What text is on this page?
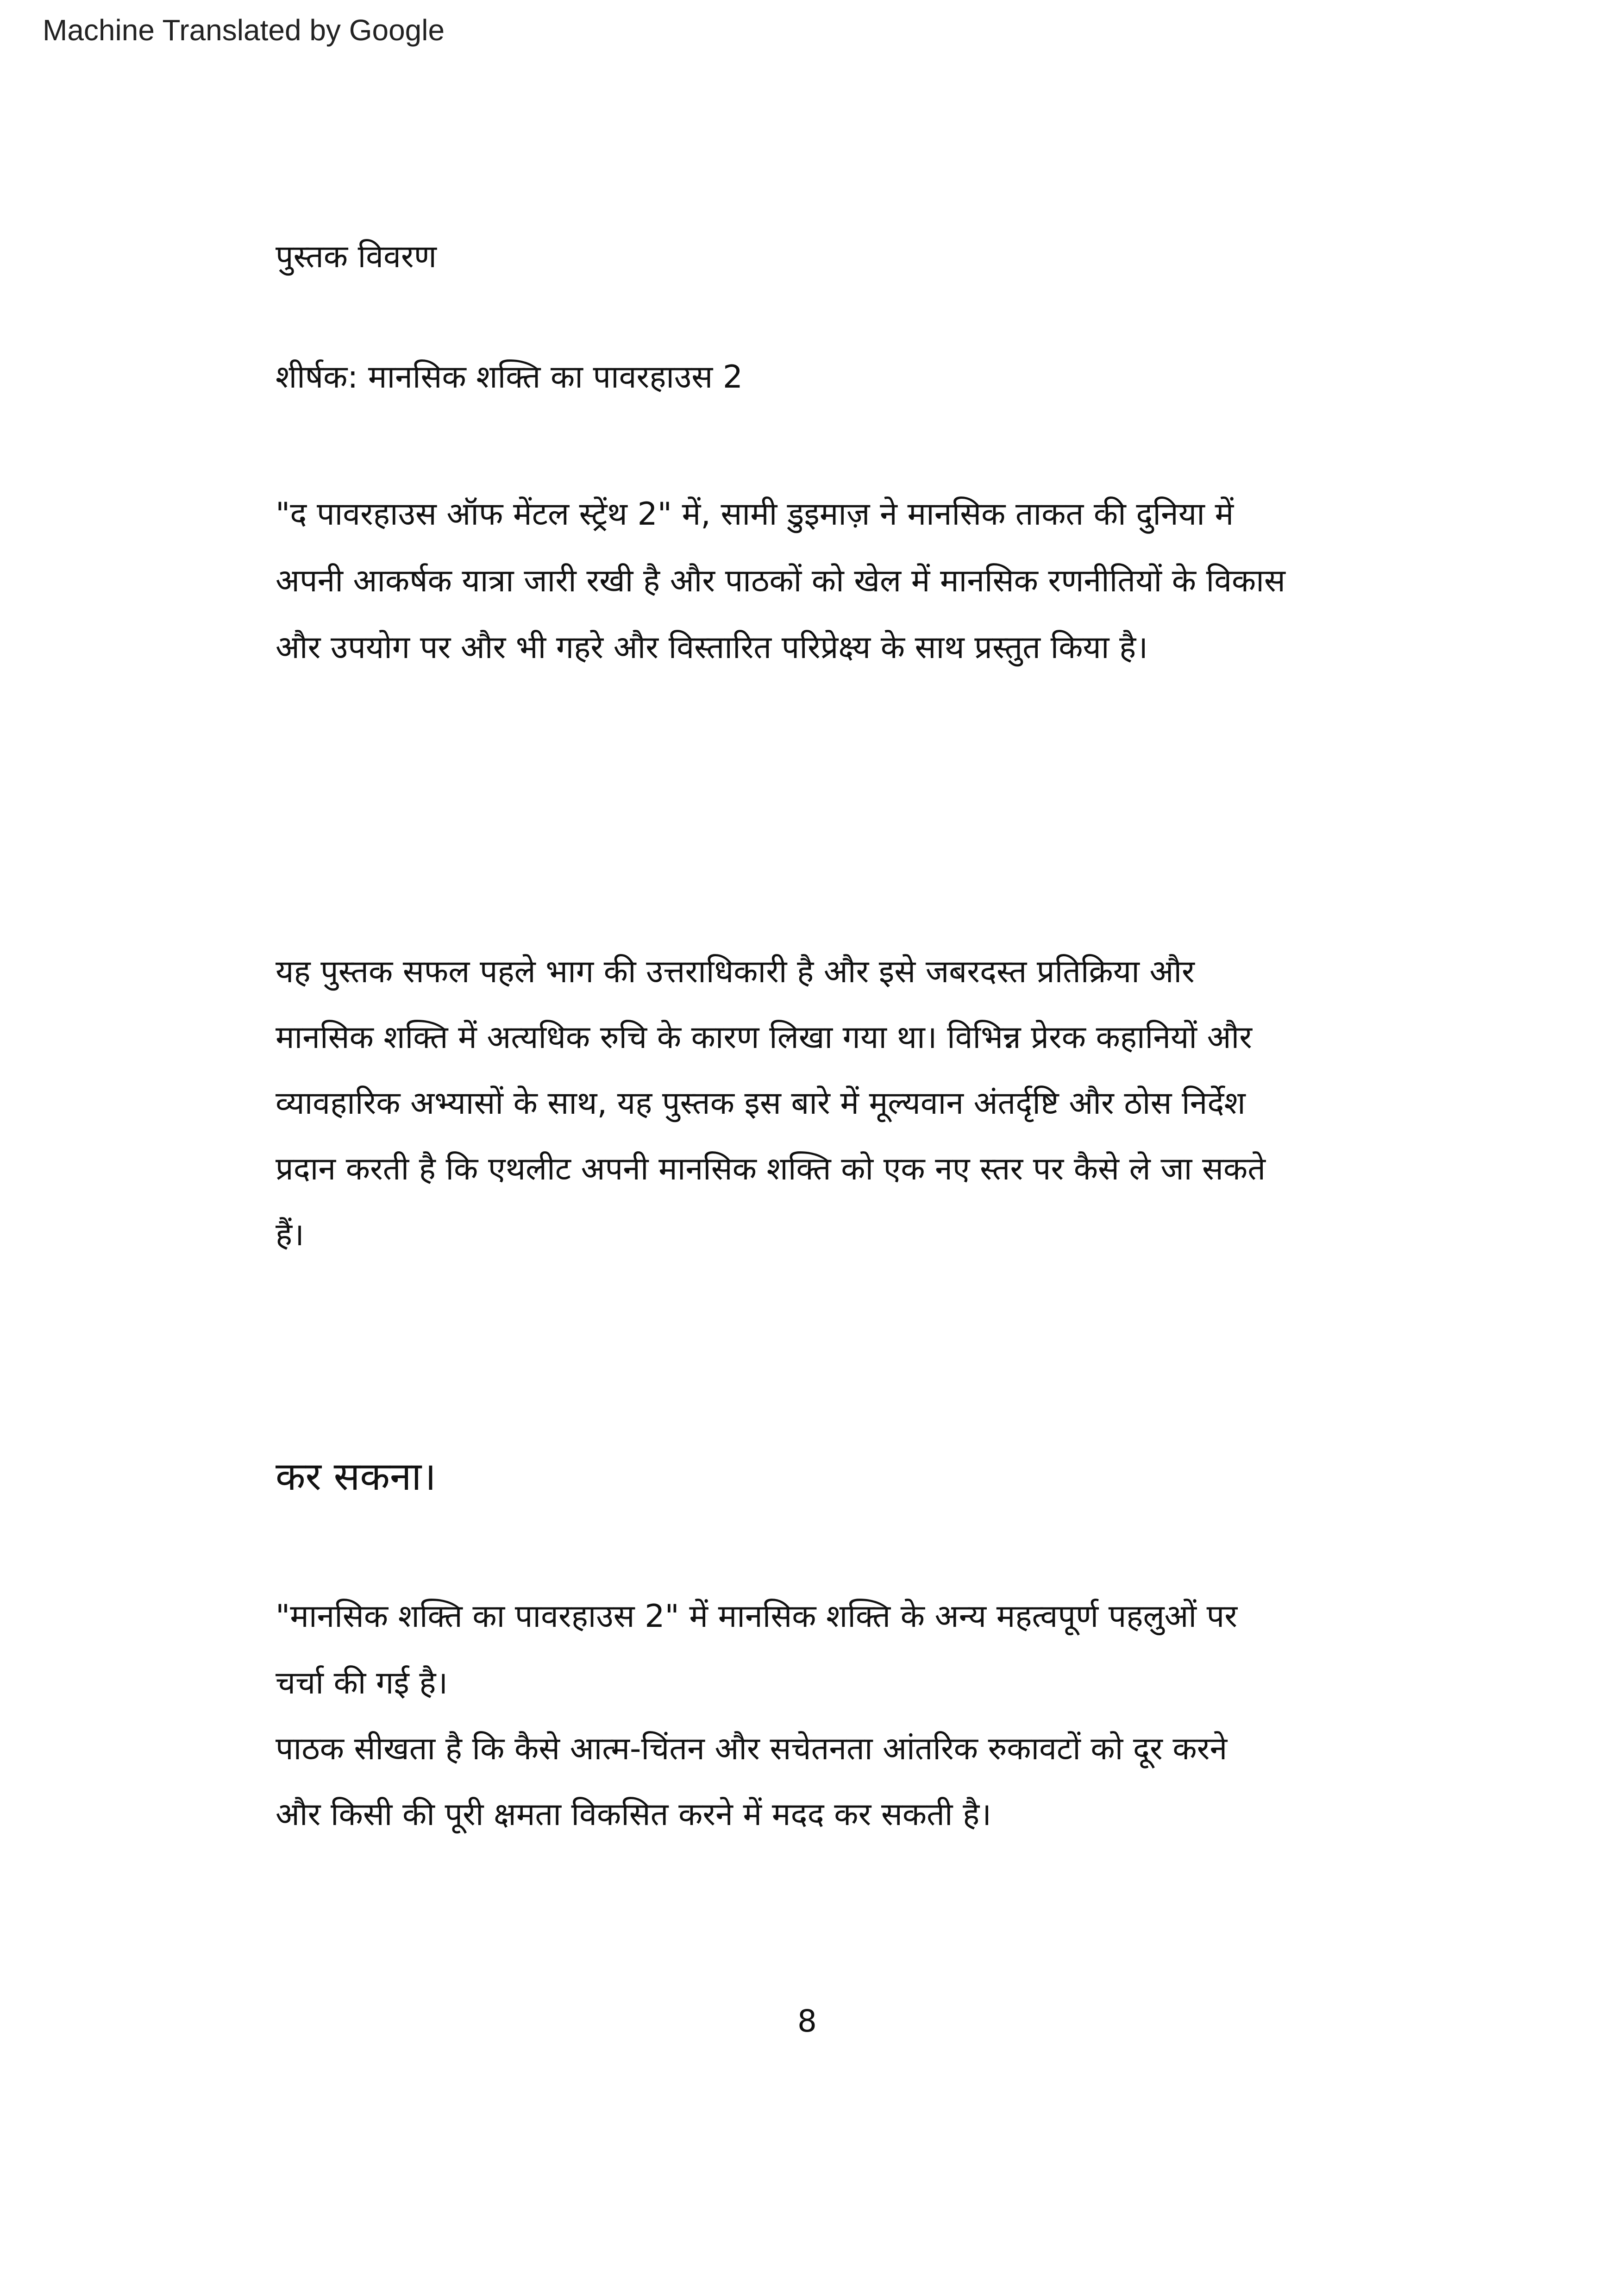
Machine Translated by Google
पुस्तक विवरण
शीर्षक: मानसिक शक्ति का पावरहाउस 2
"द पावरहाउस ऑफ मेंटल स्ट्रेंथ 2" में, सामी डुइमाज़ ने मानसिक ताकत की दुनिया में
अपनी आकर्षक यात्रा जारी रखी है और पाठकों को खेल में मानसिक रणनीतियों के विकास
और उपयोग पर और भी गहरे और विस्तारित परिप्रेक्ष्य के साथ प्रस्तुत किया है।
यह पुस्तक सफल पहले भाग की उत्तराधिकारी है और इसे जबरदस्त प्रतिक्रिया और
मानसिक शक्ति में अत्यधिक रुचि के कारण लिखा गया था। विभिन्न प्रेरक कहानियों और
व्यावहारिक अभ्यासों के साथ, यह पुस्तक इस बारे में मूल्यवान अंतर्दृष्टि और ठोस निर्देश
प्रदान करती है कि एथलीट अपनी मानसिक शक्ति को एक नए स्तर पर कैसे ले जा सकते
हैं।
कर सकना।
"मानसिक शक्ति का पावरहाउस 2" में मानसिक शक्ति के अन्य महत्वपूर्ण पहलुओं पर
चर्चा की गई है।
पाठक सीखता है कि कैसे आत्म-चिंतन और सचेतनता आंतरिक रुकावटों को दूर करने
और किसी की पूरी क्षमता विकसित करने में मदद कर सकती है।
8
